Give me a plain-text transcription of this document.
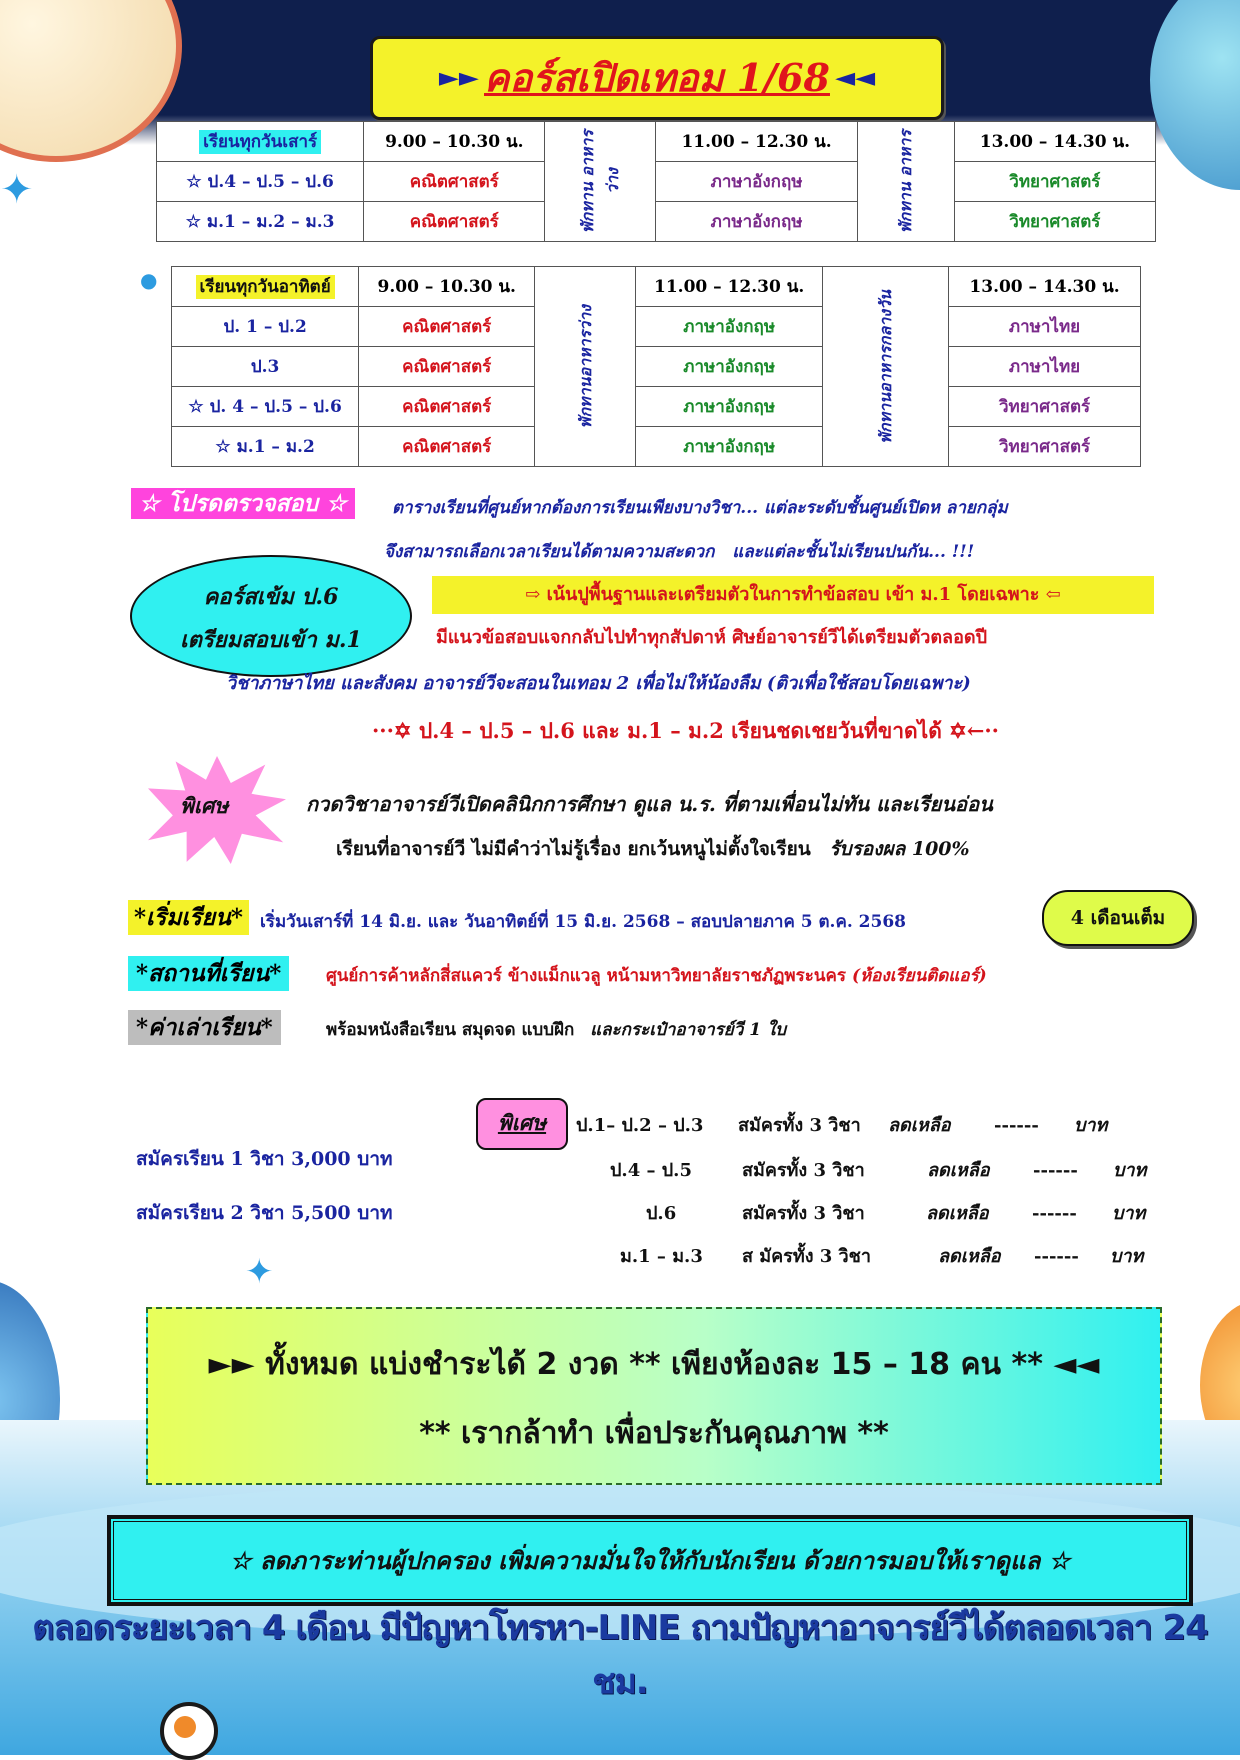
✦
✦
●
►► คอร์สเปิดเทอม 1/68 ◄◄
เรียนทุกวันเสาร์	9.00 – 10.30 น.	พักทาน อาหารว่าง	11.00 – 12.30 น.	พักทาน อาหาร	13.00 – 14.30 น.
☆ ป.4 – ป.5 – ป.6	คณิตศาสตร์		ภาษาอังกฤษ		วิทยาศาสตร์
☆ ม.1 – ม.2 – ม.3	คณิตศาสตร์		ภาษาอังกฤษ		วิทยาศาสตร์
เรียนทุกวันอาทิตย์	9.00 – 10.30 น.	พักทานอาหารว่าง	11.00 – 12.30 น.	พักทานอาหารกลางวัน	13.00 – 14.30 น.
ป. 1 – ป.2	คณิตศาสตร์		ภาษาอังกฤษ		ภาษาไทย
ป.3	คณิตศาสตร์		ภาษาอังกฤษ		ภาษาไทย
☆ ป. 4 – ป.5 – ป.6	คณิตศาสตร์		ภาษาอังกฤษ		วิทยาศาสตร์
☆ ม.1 – ม.2	คณิตศาสตร์		ภาษาอังกฤษ		วิทยาศาสตร์
☆ โปรดตรวจสอบ ☆	ตารางเรียนที่ศูนย์หากต้องการเรียนเพียงบางวิชา... แต่ละระดับชั้นศูนย์เปิดห ลายกลุ่ม
จึงสามารถเลือกเวลาเรียนได้ตามความสะดวก และแต่ละชั้นไม่เรียนปนกัน... !!!
คอร์สเข้ม ป.6
เตรียมสอบเข้า ม.1
⇨ เน้นปูพื้นฐานและเตรียมตัวในการทำข้อสอบ เข้า ม.1 โดยเฉพาะ ⇦
มีแนวข้อสอบแจกกลับไปทำทุกสัปดาห์ ศิษย์อาจารย์วีได้เตรียมตัวตลอดปี
วิชาภาษาไทย และสังคม อาจารย์วีจะสอนในเทอม 2 เพื่อไม่ให้น้องลืม (ติวเพื่อใช้สอบโดยเฉพาะ)
···✡ ป.4 – ป.5 – ป.6 และ ม.1 – ม.2 เรียนชดเชยวันที่ขาดได้ ✡←··
พิเศษ	กวดวิชาอาจารย์วีเปิดคลินิกการศึกษา ดูแล น.ร. ที่ตามเพื่อนไม่ทัน และเรียนอ่อน
เรียนที่อาจารย์วี ไม่มีคำว่าไม่รู้เรื่อง ยกเว้นหนูไม่ตั้งใจเรียน รับรองผล 100%
*เริ่มเรียน*	เริ่มวันเสาร์ที่ 14 มิ.ย. และ วันอาทิตย์ที่ 15 มิ.ย. 2568 – สอบปลายภาค 5 ต.ค. 2568	4 เดือนเต็ม
*สถานที่เรียน*	ศูนย์การค้าหลักสี่สแควร์ ข้างแม็กแวลู หน้ามหาวิทยาลัยราชภัฏพระนคร (ห้องเรียนติดแอร์)
*ค่าเล่าเรียน*	พร้อมหนังสือเรียน สมุดจด แบบฝึก และกระเป๋าอาจารย์วี 1 ใบ
สมัครเรียน 1 วิชา 3,000 บาท
สมัครเรียน 2 วิชา 5,500 บาท
พิเศษ	ป.1– ป.2 – ป.3 สมัครทั้ง 3 วิชา ลดเหลือ ------ บาท
ป.4 – ป.5	สมัครทั้ง 3 วิชา	ลดเหลือ ------ บาท
ป.6	สมัครทั้ง 3 วิชา	ลดเหลือ ------ บาท
ม.1 – ม.3 ส มัครทั้ง 3 วิชา	ลดเหลือ ------ บาท
►► ทั้งหมด แบ่งชำระได้ 2 งวด ** เพียงห้องละ 15 – 18 คน ** ◄◄
** เรากล้าทำ เพื่อประกันคุณภาพ **
☆ ลดภาระท่านผู้ปกครอง เพิ่มความมั่นใจให้กับนักเรียน ด้วยการมอบให้เราดูแล ☆
ตลอดระยะเวลา 4 เดือน มีปัญหาโทรหา-LINE ถามปัญหาอาจารย์วีได้ตลอดเวลา 24 ชม.
